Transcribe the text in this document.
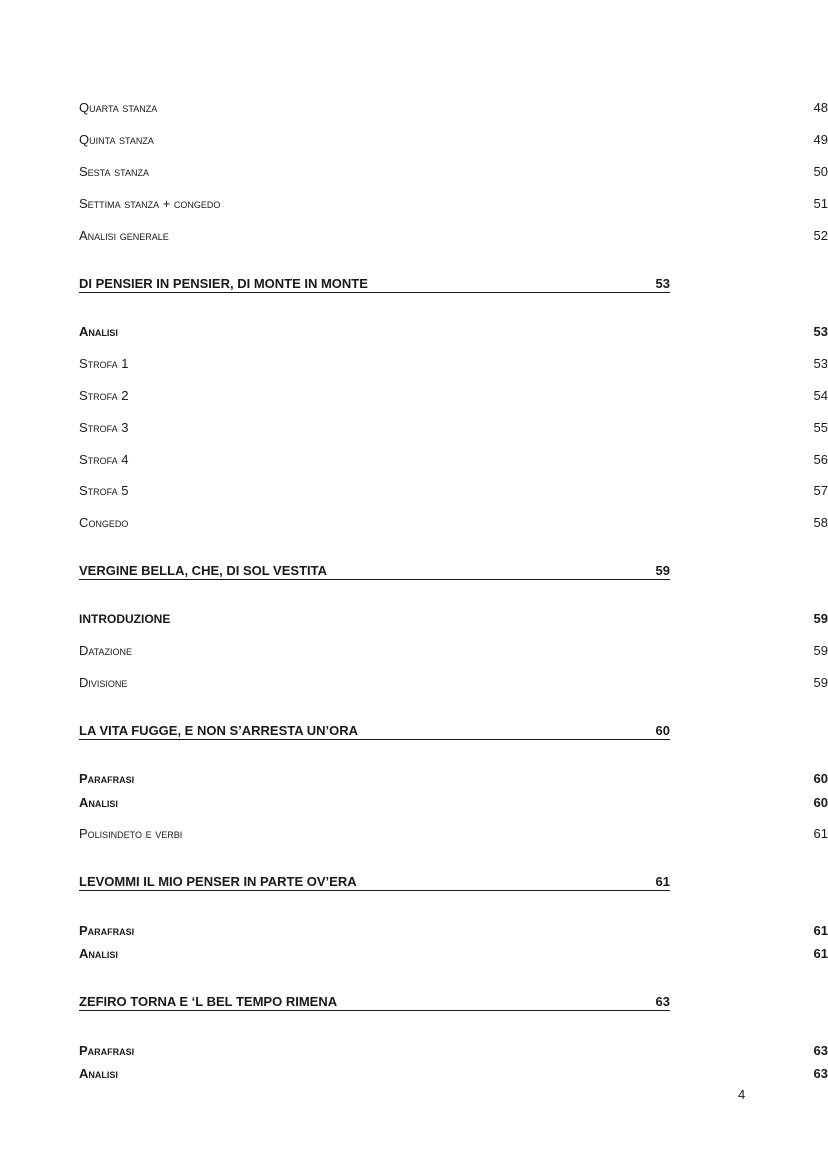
Quarta stanza	48
Quinta stanza	49
Sesta stanza	50
Settima stanza + congedo	51
Analisi generale	52
DI PENSIER IN PENSIER, DI MONTE IN MONTE	53
Analisi	53
Strofa 1	53
Strofa 2	54
Strofa 3	55
Strofa 4	56
Strofa 5	57
Congedo	58
VERGINE BELLA, CHE, DI SOL VESTITA	59
INTRODUZIONE	59
Datazione	59
Divisione	59
LA VITA FUGGE, E NON S’ARRESTA UN’ORA	60
Parafrasi	60
Analisi	60
Polisindeto e verbi	61
LEVOMMI IL MIO PENSER IN PARTE OV’ERA	61
Parafrasi	61
Analisi	61
ZEFIRO TORNA E ‘L BEL TEMPO RIMENA	63
Parafrasi	63
Analisi	63
4
